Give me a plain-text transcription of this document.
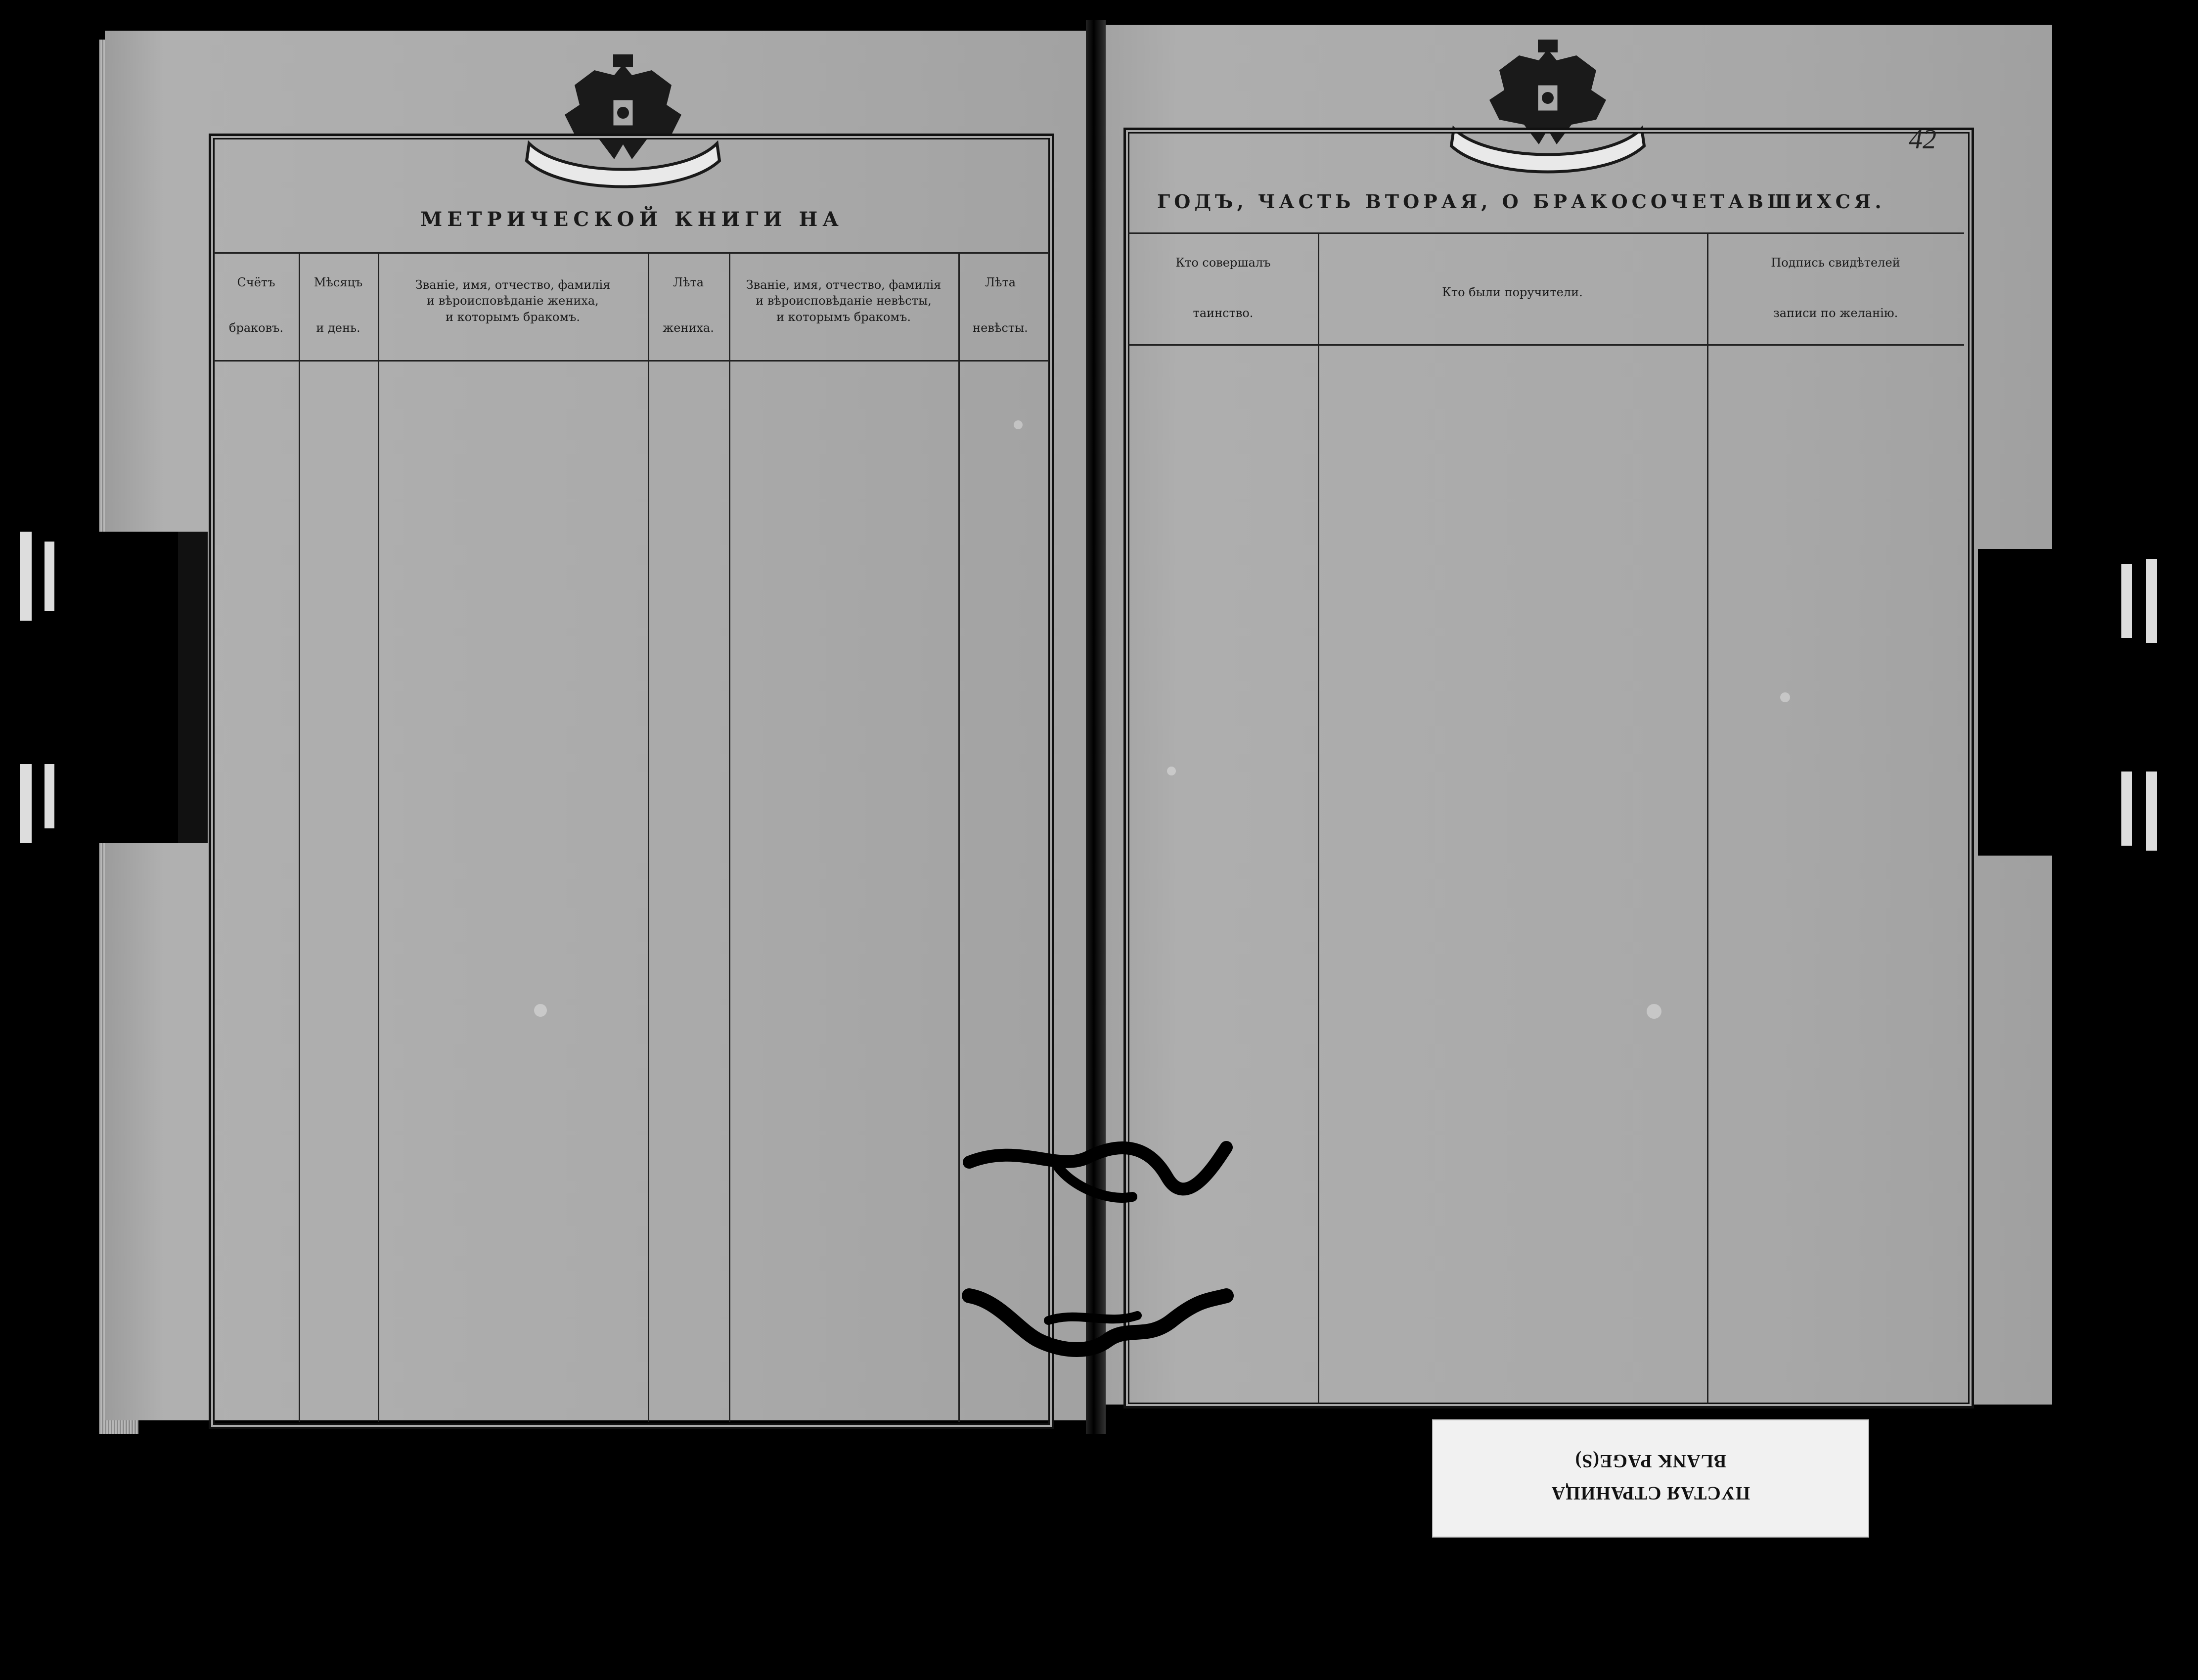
МЕТРИЧЕСКОЙ КНИГИ НА
Счётъ
браковъ.
Мѣсяцъ
и день.
Званіе, имя, отчество, фамилія
и вѣроисповѣданіе жениха,
и которымъ бракомъ.
Лѣта
жениха.
Званіе, имя, отчество, фамилія
и вѣроисповѣданіе невѣсты,
и которымъ бракомъ.
Лѣта
невѣсты.
42
ГОДЪ, ЧАСТЬ ВТОРАЯ, О БРАКОСОЧЕТАВШИХСЯ.
Кто совершалъ
таинство.
Кто были поручители.
Подпись свидѣтелей
записи по желанію.
BLANK PAGE(S)
ПУСТАЯ СТРАНИЦА
